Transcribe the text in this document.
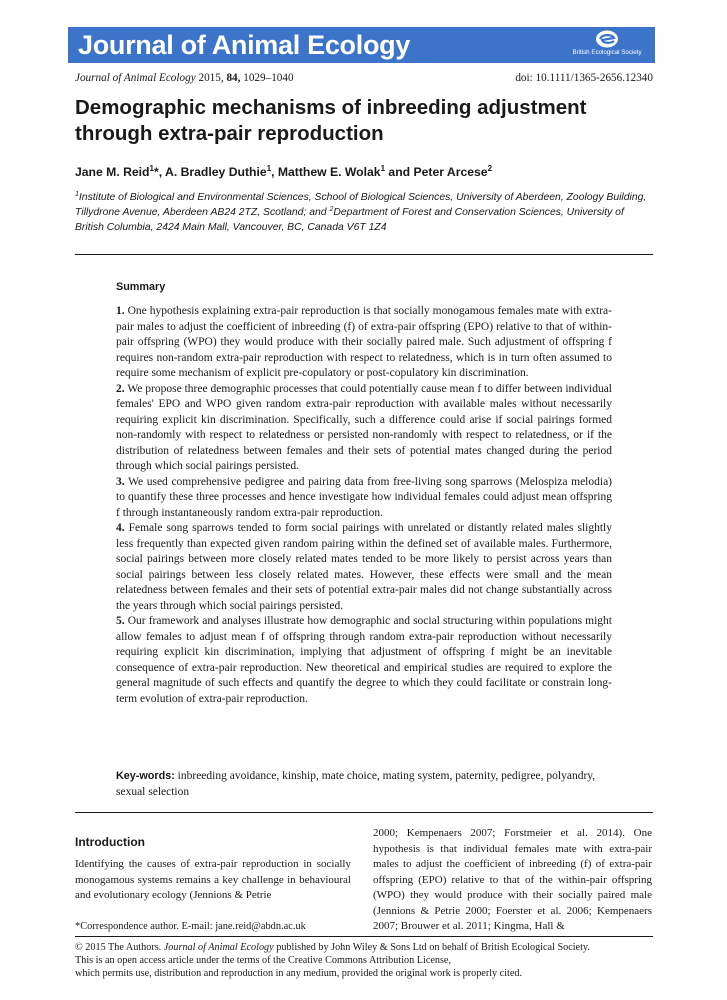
Journal of Animal Ecology	British Ecological Society
Journal of Animal Ecology 2015, 84, 1029–1040	doi: 10.1111/1365-2656.12340
Demographic mechanisms of inbreeding adjustment through extra-pair reproduction
Jane M. Reid$^1$*, A. Bradley Duthie$^1$, Matthew E. Wolak$^1$ and Peter Arcese$^2$
$^1$Institute of Biological and Environmental Sciences, School of Biological Sciences, University of Aberdeen, Zoology Building, Tillydrone Avenue, Aberdeen AB24 2TZ, Scotland; and $^2$Department of Forest and Conservation Sciences, University of British Columbia, 2424 Main Mall, Vancouver, BC, Canada V6T 1Z4
Summary

1. One hypothesis explaining extra-pair reproduction is that socially monogamous females mate with extra-pair males to adjust the coefficient of inbreeding (f) of extra-pair offspring (EPO) relative to that of within-pair offspring (WPO) they would produce with their socially paired male. Such adjustment of offspring f requires non-random extra-pair reproduction with respect to relatedness, which is in turn often assumed to require some mechanism of explicit pre-copulatory or post-copulatory kin discrimination.

2. We propose three demographic processes that could potentially cause mean f to differ between individual females' EPO and WPO given random extra-pair reproduction with available males without necessarily requiring explicit kin discrimination. Specifically, such a difference could arise if social pairings formed non-randomly with respect to relatedness or persisted non-randomly with respect to relatedness, or if the distribution of relatedness between females and their sets of potential mates changed during the period through which social pairings persisted.

3. We used comprehensive pedigree and pairing data from free-living song sparrows (Melospiza melodia) to quantify these three processes and hence investigate how individual females could adjust mean offspring f through instantaneously random extra-pair reproduction.

4. Female song sparrows tended to form social pairings with unrelated or distantly related males slightly less frequently than expected given random pairing within the defined set of available males. Furthermore, social pairings between more closely related mates tended to be more likely to persist across years than social pairings between less closely related mates. However, these effects were small and the mean relatedness between females and their sets of potential extra-pair males did not change substantially across the years through which social pairings persisted.

5. Our framework and analyses illustrate how demographic and social structuring within populations might allow females to adjust mean f of offspring through random extra-pair reproduction without necessarily requiring explicit kin discrimination, implying that adjustment of offspring f might be an inevitable consequence of extra-pair reproduction. New theoretical and empirical studies are required to explore the general magnitude of such effects and quantify the degree to which they could facilitate or constrain long-term evolution of extra-pair reproduction.

Key-words: inbreeding avoidance, kinship, mate choice, mating system, paternity, pedigree, polyandry, sexual selection
Introduction
Identifying the causes of extra-pair reproduction in socially monogamous systems remains a key challenge in behavioural and evolutionary ecology (Jennions & Petrie
2000; Kempenaers 2007; Forstmeier et al. 2014). One hypothesis is that individual females mate with extra-pair males to adjust the coefficient of inbreeding (f) of extra-pair offspring (EPO) relative to that of the within-pair offspring (WPO) they would produce with their socially paired male (Jennions & Petrie 2000; Foerster et al. 2006; Kempenaers 2007; Brouwer et al. 2011; Kingma, Hall &
*Correspondence author. E-mail: jane.reid@abdn.ac.uk

© 2015 The Authors. Journal of Animal Ecology published by John Wiley & Sons Ltd on behalf of British Ecological Society.

This is an open access article under the terms of the Creative Commons Attribution License,

which permits use, distribution and reproduction in any medium, provided the original work is properly cited.
